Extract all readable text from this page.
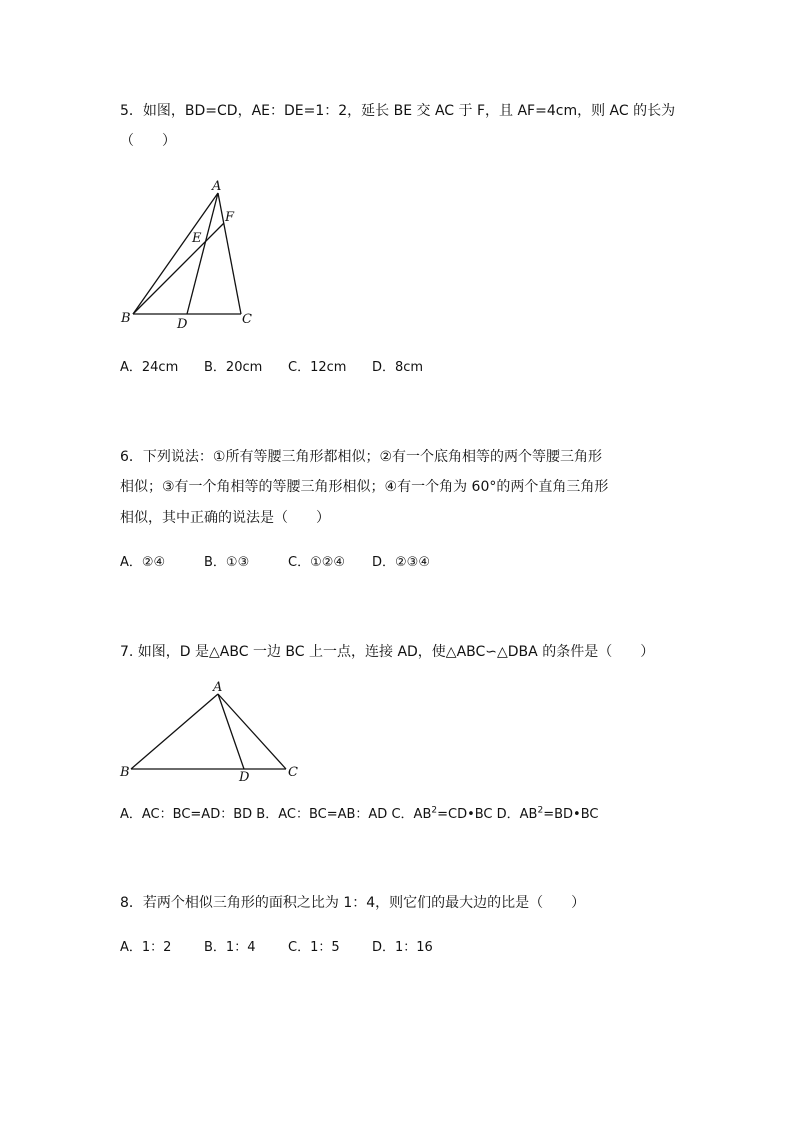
5．如图，BD=CD，AE：DE=1：2，延长 BE 交 AC 于 F，且 AF=4cm，则 AC 的长为
（　　）
A
F
E
B	D	C
A．24cm B．20cm C．12cm D．8cm
6．下列说法：①所有等腰三角形都相似；②有一个底角相等的两个等腰三角形
相似；③有一个角相等的等腰三角形相似；④有一个角为 60°的两个直角三角形
相似，其中正确的说法是（　　）
A．②④	B．①③	C．①②④ D．②③④
7. 如图，D 是△ABC 一边 BC 上一点，连接 AD，使△ABC∽△DBA 的条件是（　　）
A
B	D	C
A．AC：BC=AD：BD B．AC：BC=AB：AD C．$AB^2=CD•BC$ D．$AB^2=BD•BC$
8．若两个相似三角形的面积之比为 1：4，则它们的最大边的比是（　　）
A．1：2	B．1：4	C．1：5 D．1：16
